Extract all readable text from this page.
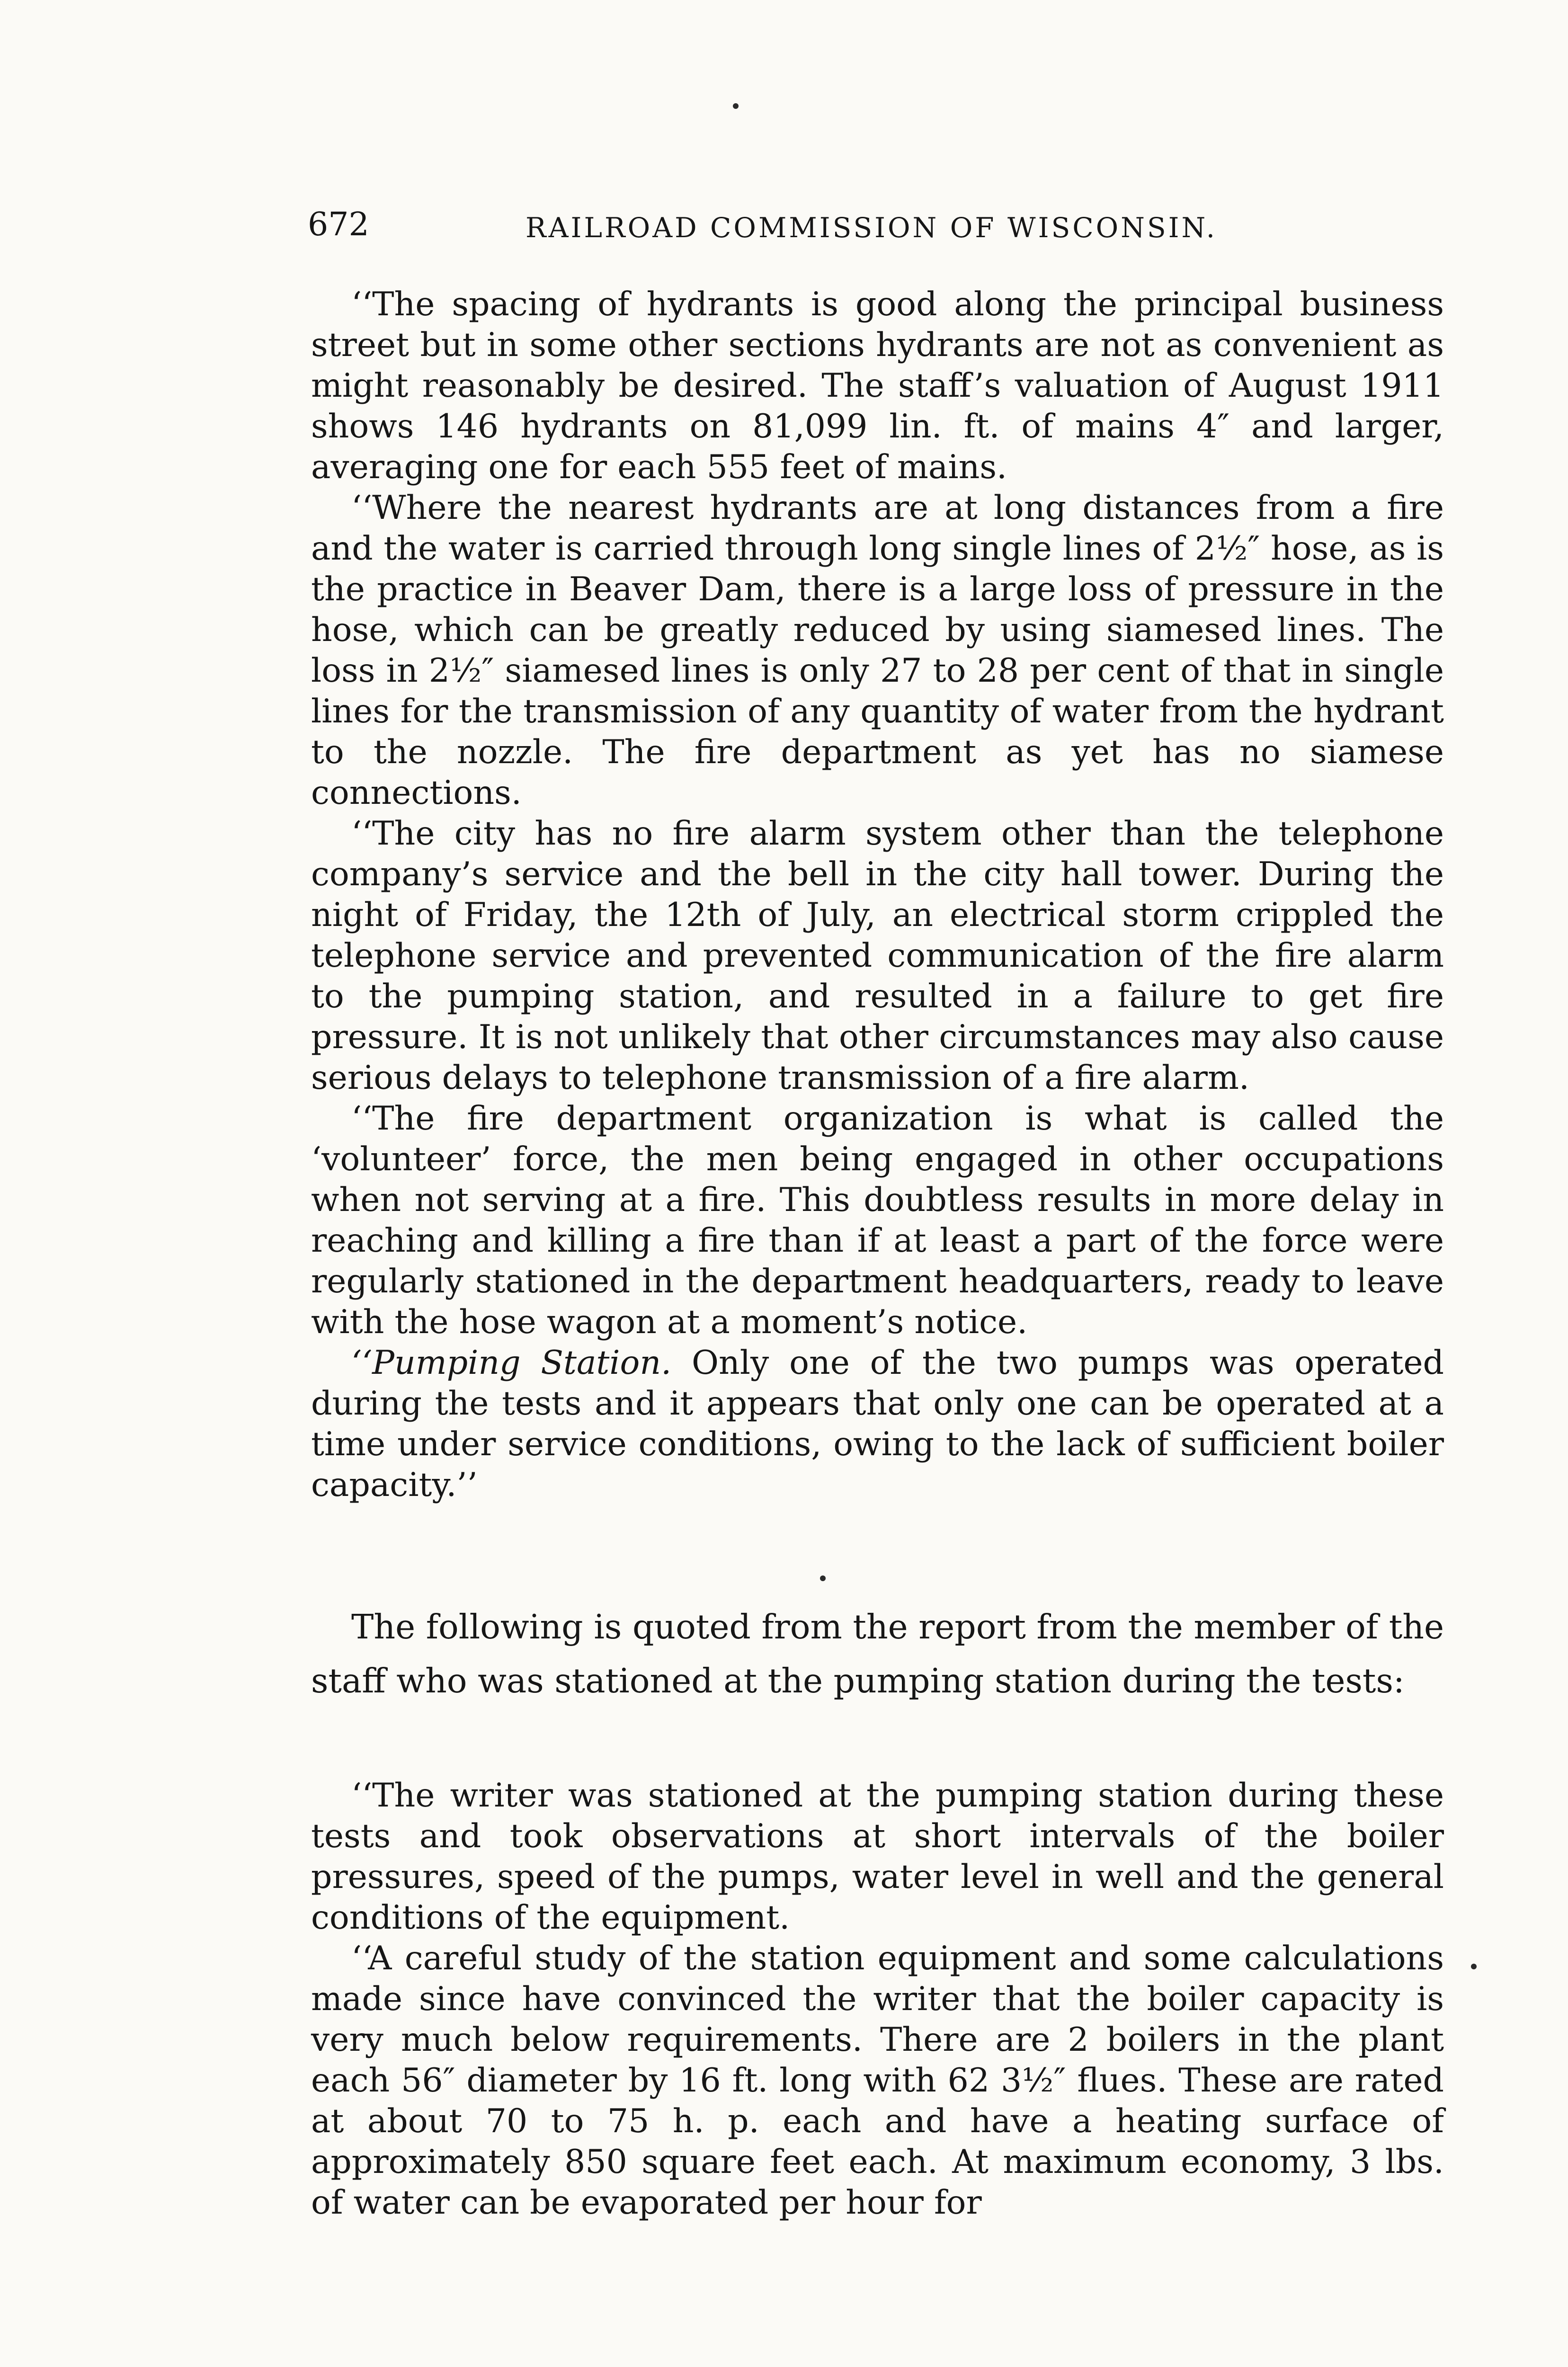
672	RAILROAD COMMISSION OF WISCONSIN.

‘‘The spacing of hydrants is good along the principal business street but in some other sections hydrants are not as convenient as might reasonably be desired. The staff’s valuation of August 1911 shows 146 hydrants on 81,099 lin. ft. of mains 4″ and larger, averaging one for each 555 feet of mains.

‘‘Where the nearest hydrants are at long distances from a fire and the water is carried through long single lines of 2½″ hose, as is the practice in Beaver Dam, there is a large loss of pressure in the hose, which can be greatly reduced by using siamesed lines. The loss in 2½″ siamesed lines is only 27 to 28 per cent of that in single lines for the transmission of any quantity of water from the hydrant to the nozzle. The fire department as yet has no siamese connections.

‘‘The city has no fire alarm system other than the telephone company’s service and the bell in the city hall tower. During the night of Friday, the 12th of July, an electrical storm crippled the telephone service and prevented communication of the fire alarm to the pumping station, and resulted in a failure to get fire pressure. It is not unlikely that other circumstances may also cause serious delays to telephone transmission of a fire alarm.

‘‘The fire department organization is what is called the ‘volunteer’ force, the men being engaged in other occupations when not serving at a fire. This doubtless results in more delay in reaching and killing a fire than if at least a part of the force were regularly stationed in the department headquarters, ready to leave with the hose wagon at a moment’s notice.

‘‘Pumping Station. Only one of the two pumps was operated during the tests and it appears that only one can be operated at a time under service conditions, owing to the lack of sufficient boiler capacity.’’

The following is quoted from the report from the member of the staff who was stationed at the pumping station during the tests:

‘‘The writer was stationed at the pumping station during these tests and took observations at short intervals of the boiler pressures, speed of the pumps, water level in well and the general conditions of the equipment.

‘‘A careful study of the station equipment and some calculations made since have convinced the writer that the boiler capacity is very much below requirements. There are 2 boilers in the plant each 56″ diameter by 16 ft. long with 62 3½″ flues. These are rated at about 70 to 75 h. p. each and have a heating surface of approximately 850 square feet each. At maximum economy, 3 lbs. of water can be evaporated per hour for
